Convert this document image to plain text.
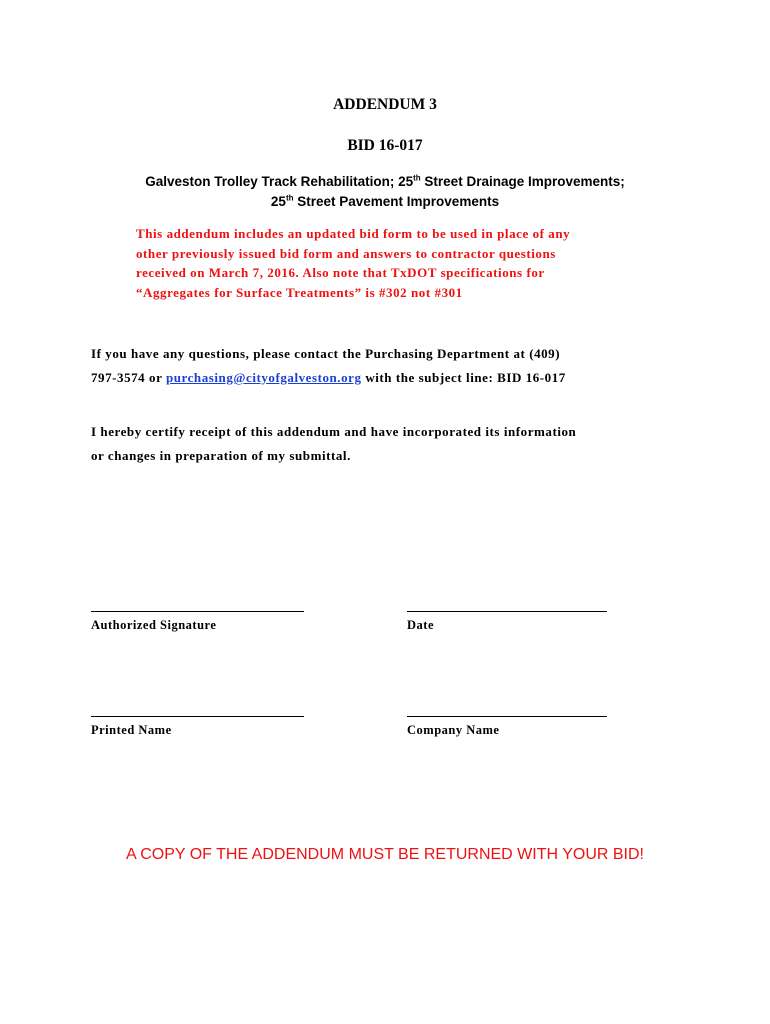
ADDENDUM 3
BID 16-017
Galveston Trolley Track Rehabilitation; 25th Street Drainage Improvements;
25th Street Pavement Improvements
This addendum includes an updated bid form to be used in place of any
other previously issued bid form and answers to contractor questions
received on March 7, 2016. Also note that TxDOT specifications for
“Aggregates for Surface Treatments” is #302 not #301
If you have any questions, please contact the Purchasing Department at (409)
797-3574 or purchasing@cityofgalveston.org with the subject line: BID 16-017
I hereby certify receipt of this addendum and have incorporated its information
or changes in preparation of my submittal.
Authorized Signature	Date
Printed Name	Company Name
A COPY OF THE ADDENDUM MUST BE RETURNED WITH YOUR BID!
